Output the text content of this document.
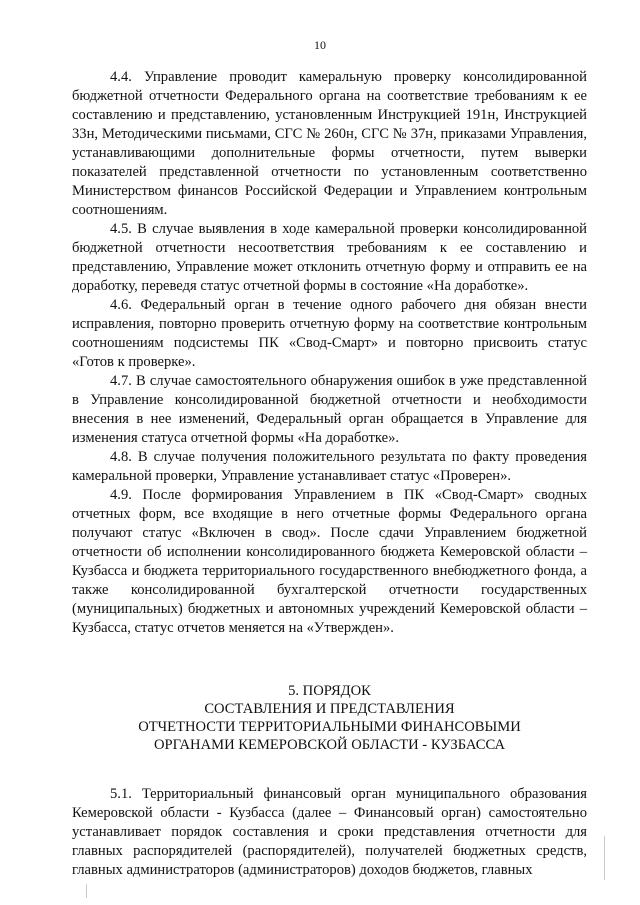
10

4.4. Управление проводит камеральную проверку консолидированной бюджетной отчетности Федерального органа на соответствие требованиям к ее составлению и представлению, установленным Инструкцией 191н, Инструкцией 33н, Методическими письмами, СГС № 260н, СГС № 37н, приказами Управления, устанавливающими дополнительные формы отчетности, путем выверки показателей представленной отчетности по установленным соответственно Министерством финансов Российской Федерации и Управлением контрольным соотношениям.

4.5. В случае выявления в ходе камеральной проверки консолидированной бюджетной отчетности несоответствия требованиям к ее составлению и представлению, Управление может отклонить отчетную форму и отправить ее на доработку, переведя статус отчетной формы в состояние «На доработке».

4.6. Федеральный орган в течение одного рабочего дня обязан внести исправления, повторно проверить отчетную форму на соответствие контрольным соотношениям подсистемы ПК «Свод-Смарт» и повторно присвоить статус «Готов к проверке».

4.7. В случае самостоятельного обнаружения ошибок в уже представленной в Управление консолидированной бюджетной отчетности и необходимости внесения в нее изменений, Федеральный орган обращается в Управление для изменения статуса отчетной формы «На доработке».

4.8. В случае получения положительного результата по факту проведения камеральной проверки, Управление устанавливает статус «Проверен».

4.9. После формирования Управлением в ПК «Свод-Смарт» сводных отчетных форм, все входящие в него отчетные формы Федерального органа получают статус «Включен в свод». После сдачи Управлением бюджетной отчетности об исполнении консолидированного бюджета Кемеровской области – Кузбасса и бюджета территориального государственного внебюджетного фонда, а также консолидированной бухгалтерской отчетности государственных (муниципальных) бюджетных и автономных учреждений Кемеровской области – Кузбасса, статус отчетов меняется на «Утвержден».

5. ПОРЯДОК
СОСТАВЛЕНИЯ И ПРЕДСТАВЛЕНИЯ
ОТЧЕТНОСТИ ТЕРРИТОРИАЛЬНЫМИ ФИНАНСОВЫМИ
ОРГАНАМИ КЕМЕРОВСКОЙ ОБЛАСТИ - КУЗБАССА

5.1. Территориальный финансовый орган муниципального образования Кемеровской области - Кузбасса (далее – Финансовый орган) самостоятельно устанавливает порядок составления и сроки представления отчетности для главных распорядителей (распорядителей), получателей бюджетных средств, главных администраторов (администраторов) доходов бюджетов, главных
